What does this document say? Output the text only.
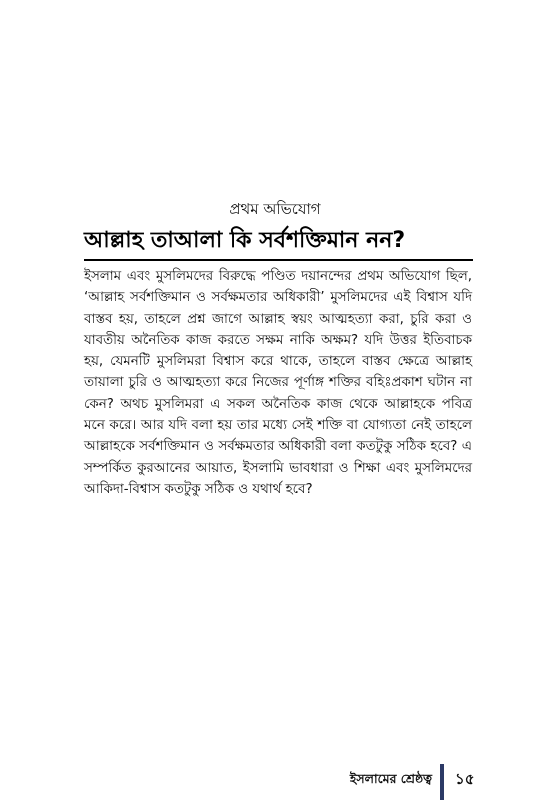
প্রথম অভিযোগ
আল্লাহ তাআলা কি সর্বশক্তিমান নন?

ইসলাম এবং মুসলিমদের বিরুদ্ধে পণ্ডিত দয়ানন্দের প্রথম অভিযোগ ছিল, ‘আল্লাহ সর্বশক্তিমান ও সর্বক্ষমতার অধিকারী’ মুসলিমদের এই বিশ্বাস যদি বাস্তব হয়, তাহলে প্রশ্ন জাগে আল্লাহ স্বয়ং আত্মহত্যা করা, চুরি করা ও যাবতীয় অনৈতিক কাজ করতে সক্ষম নাকি অক্ষম? যদি উত্তর ইতিবাচক হয়, যেমনটি মুসলিমরা বিশ্বাস করে থাকে, তাহলে বাস্তব ক্ষেত্রে আল্লাহ তায়ালা চুরি ও আত্মহত্যা করে নিজের পূর্ণাঙ্গ শক্তির বহিঃপ্রকাশ ঘটান না কেন? অথচ মুসলিমরা এ সকল অনৈতিক কাজ থেকে আল্লাহকে পবিত্র মনে করে। আর যদি বলা হয় তার মধ্যে সেই শক্তি বা যোগ্যতা নেই তাহলে আল্লাহকে সর্বশক্তিমান ও সর্বক্ষমতার অধিকারী বলা কতটুকু সঠিক হবে? এ সম্পর্কিত কুরআনের আয়াত, ইসলামি ভাবধারা ও শিক্ষা এবং মুসলিমদের আকিদা-বিশ্বাস কতটুকু সঠিক ও যথার্থ হবে?

ইসলামের শ্রেষ্ঠত্ব ১৫
